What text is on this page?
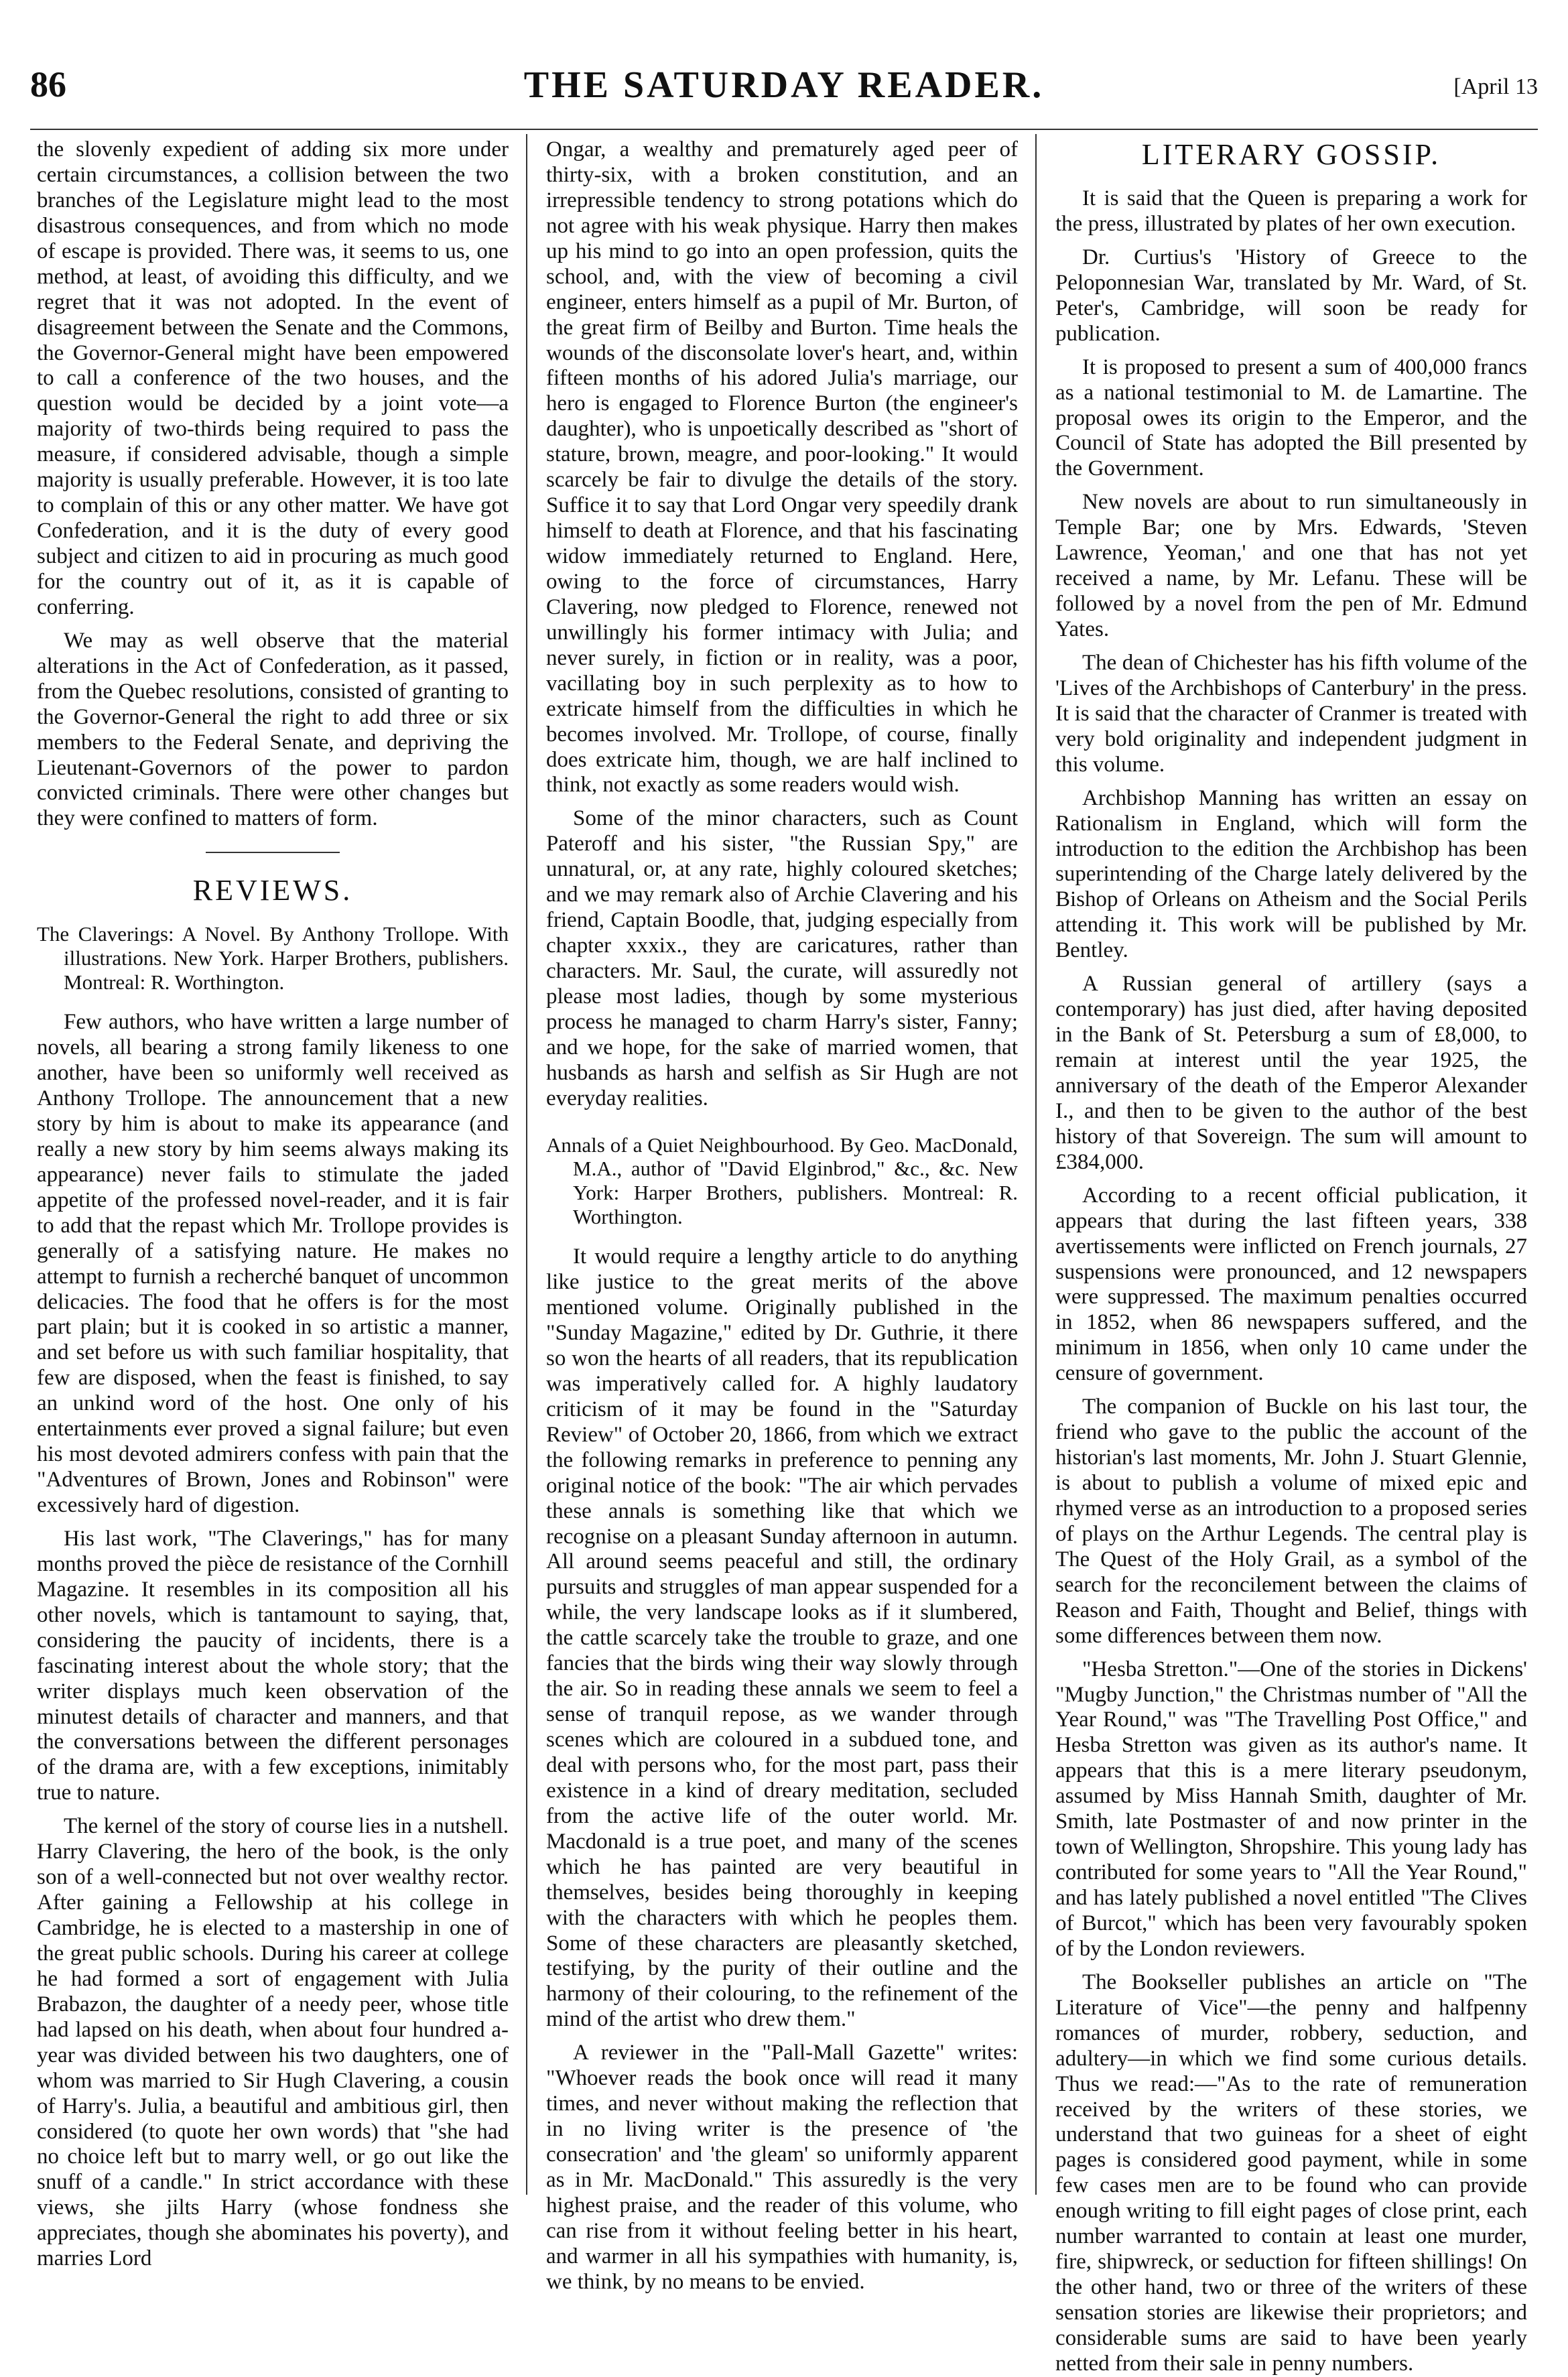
86	THE SATURDAY READER.	[April 13

the slovenly expedient of adding six more under certain circumstances, a collision between the two branches of the Legislature might lead to the most disastrous consequences, and from which no mode of escape is provided. There was, it seems to us, one method, at least, of avoiding this difficulty, and we regret that it was not adopted. In the event of disagreement between the Senate and the Commons, the Governor-General might have been empowered to call a conference of the two houses, and the question would be decided by a joint vote—a majority of two-thirds being required to pass the measure, if considered advisable, though a simple majority is usually preferable. However, it is too late to complain of this or any other matter. We have got Confederation, and it is the duty of every good subject and citizen to aid in procuring as much good for the country out of it, as it is capable of conferring.

We may as well observe that the material alterations in the Act of Confederation, as it passed, from the Quebec resolutions, consisted of granting to the Governor-General the right to add three or six members to the Federal Senate, and depriving the Lieutenant-Governors of the power to pardon convicted criminals. There were other changes but they were confined to matters of form.

REVIEWS.
The Claverings: A Novel. By Anthony Trollope. With illustrations. New York. Harper Brothers, publishers. Montreal: R. Worthington.

Few authors, who have written a large number of novels, all bearing a strong family likeness to one another, have been so uniformly well received as Anthony Trollope. The announcement that a new story by him is about to make its appearance (and really a new story by him seems always making its appearance) never fails to stimulate the jaded appetite of the professed novel-reader, and it is fair to add that the repast which Mr. Trollope provides is generally of a satisfying nature. He makes no attempt to furnish a recherché banquet of uncommon delicacies. The food that he offers is for the most part plain; but it is cooked in so artistic a manner, and set before us with such familiar hospitality, that few are disposed, when the feast is finished, to say an unkind word of the host. One only of his entertainments ever proved a signal failure; but even his most devoted admirers confess with pain that the "Adventures of Brown, Jones and Robinson" were excessively hard of digestion.

His last work, "The Claverings," has for many months proved the pièce de resistance of the Cornhill Magazine. It resembles in its composition all his other novels, which is tantamount to saying, that, considering the paucity of incidents, there is a fascinating interest about the whole story; that the writer displays much keen observation of the minutest details of character and manners, and that the conversations between the different personages of the drama are, with a few exceptions, inimitably true to nature.

The kernel of the story of course lies in a nutshell. Harry Clavering, the hero of the book, is the only son of a well-connected but not over wealthy rector. After gaining a Fellowship at his college in Cambridge, he is elected to a mastership in one of the great public schools. During his career at college he had formed a sort of engagement with Julia Brabazon, the daughter of a needy peer, whose title had lapsed on his death, when about four hundred a-year was divided between his two daughters, one of whom was married to Sir Hugh Clavering, a cousin of Harry's. Julia, a beautiful and ambitious girl, then considered (to quote her own words) that "she had no choice left but to marry well, or go out like the snuff of a candle." In strict accordance with these views, she jilts Harry (whose fondness she appreciates, though she abominates his poverty), and marries Lord

Ongar, a wealthy and prematurely aged peer of thirty-six, with a broken constitution, and an irrepressible tendency to strong potations which do not agree with his weak physique. Harry then makes up his mind to go into an open profession, quits the school, and, with the view of becoming a civil engineer, enters himself as a pupil of Mr. Burton, of the great firm of Beilby and Burton. Time heals the wounds of the disconsolate lover's heart, and, within fifteen months of his adored Julia's marriage, our hero is engaged to Florence Burton (the engineer's daughter), who is unpoetically described as "short of stature, brown, meagre, and poor-looking." It would scarcely be fair to divulge the details of the story. Suffice it to say that Lord Ongar very speedily drank himself to death at Florence, and that his fascinating widow immediately returned to England. Here, owing to the force of circumstances, Harry Clavering, now pledged to Florence, renewed not unwillingly his former intimacy with Julia; and never surely, in fiction or in reality, was a poor, vacillating boy in such perplexity as to how to extricate himself from the difficulties in which he becomes involved. Mr. Trollope, of course, finally does extricate him, though, we are half inclined to think, not exactly as some readers would wish.

Some of the minor characters, such as Count Pateroff and his sister, "the Russian Spy," are unnatural, or, at any rate, highly coloured sketches; and we may remark also of Archie Clavering and his friend, Captain Boodle, that, judging especially from chapter xxxix., they are caricatures, rather than characters. Mr. Saul, the curate, will assuredly not please most ladies, though by some mysterious process he managed to charm Harry's sister, Fanny; and we hope, for the sake of married women, that husbands as harsh and selfish as Sir Hugh are not everyday realities.

Annals of a Quiet Neighbourhood. By Geo. MacDonald, M.A., author of "David Elginbrod," &c., &c. New York: Harper Brothers, publishers. Montreal: R. Worthington.

It would require a lengthy article to do anything like justice to the great merits of the above mentioned volume. Originally published in the "Sunday Magazine," edited by Dr. Guthrie, it there so won the hearts of all readers, that its republication was imperatively called for. A highly laudatory criticism of it may be found in the "Saturday Review" of October 20, 1866, from which we extract the following remarks in preference to penning any original notice of the book: "The air which pervades these annals is something like that which we recognise on a pleasant Sunday afternoon in autumn. All around seems peaceful and still, the ordinary pursuits and struggles of man appear suspended for a while, the very landscape looks as if it slumbered, the cattle scarcely take the trouble to graze, and one fancies that the birds wing their way slowly through the air. So in reading these annals we seem to feel a sense of tranquil repose, as we wander through scenes which are coloured in a subdued tone, and deal with persons who, for the most part, pass their existence in a kind of dreary meditation, secluded from the active life of the outer world. Mr. Macdonald is a true poet, and many of the scenes which he has painted are very beautiful in themselves, besides being thoroughly in keeping with the characters with which he peoples them. Some of these characters are pleasantly sketched, testifying, by the purity of their outline and the harmony of their colouring, to the refinement of the mind of the artist who drew them."

A reviewer in the "Pall-Mall Gazette" writes: "Whoever reads the book once will read it many times, and never without making the reflection that in no living writer is the presence of 'the consecration' and 'the gleam' so uniformly apparent as in Mr. MacDonald." This assuredly is the very highest praise, and the reader of this volume, who can rise from it without feeling better in his heart, and warmer in all his sympathies with humanity, is, we think, by no means to be envied.

LITERARY GOSSIP.

It is said that the Queen is preparing a work for the press, illustrated by plates of her own execution.

Dr. Curtius's 'History of Greece to the Peloponnesian War, translated by Mr. Ward, of St. Peter's, Cambridge, will soon be ready for publication.

It is proposed to present a sum of 400,000 francs as a national testimonial to M. de Lamartine. The proposal owes its origin to the Emperor, and the Council of State has adopted the Bill presented by the Government.

New novels are about to run simultaneously in Temple Bar; one by Mrs. Edwards, 'Steven Lawrence, Yeoman,' and one that has not yet received a name, by Mr. Lefanu. These will be followed by a novel from the pen of Mr. Edmund Yates.

The dean of Chichester has his fifth volume of the 'Lives of the Archbishops of Canterbury' in the press. It is said that the character of Cranmer is treated with very bold originality and independent judgment in this volume.

Archbishop Manning has written an essay on Rationalism in England, which will form the introduction to the edition the Archbishop has been superintending of the Charge lately delivered by the Bishop of Orleans on Atheism and the Social Perils attending it. This work will be published by Mr. Bentley.

A Russian general of artillery (says a contemporary) has just died, after having deposited in the Bank of St. Petersburg a sum of £8,000, to remain at interest until the year 1925, the anniversary of the death of the Emperor Alexander I., and then to be given to the author of the best history of that Sovereign. The sum will amount to £384,000.

According to a recent official publication, it appears that during the last fifteen years, 338 avertissements were inflicted on French journals, 27 suspensions were pronounced, and 12 newspapers were suppressed. The maximum penalties occurred in 1852, when 86 newspapers suffered, and the minimum in 1856, when only 10 came under the censure of government.

The companion of Buckle on his last tour, the friend who gave to the public the account of the historian's last moments, Mr. John J. Stuart Glennie, is about to publish a volume of mixed epic and rhymed verse as an introduction to a proposed series of plays on the Arthur Legends. The central play is The Quest of the Holy Grail, as a symbol of the search for the reconcilement between the claims of Reason and Faith, Thought and Belief, things with some differences between them now.

"Hesba Stretton."—One of the stories in Dickens' "Mugby Junction," the Christmas number of "All the Year Round," was "The Travelling Post Office," and Hesba Stretton was given as its author's name. It appears that this is a mere literary pseudonym, assumed by Miss Hannah Smith, daughter of Mr. Smith, late Postmaster of and now printer in the town of Wellington, Shropshire. This young lady has contributed for some years to "All the Year Round," and has lately published a novel entitled "The Clives of Burcot," which has been very favourably spoken of by the London reviewers.

The Bookseller publishes an article on "The Literature of Vice"—the penny and halfpenny romances of murder, robbery, seduction, and adultery—in which we find some curious details. Thus we read:—"As to the rate of remuneration received by the writers of these stories, we understand that two guineas for a sheet of eight pages is considered good payment, while in some few cases men are to be found who can provide enough writing to fill eight pages of close print, each number warranted to contain at least one murder, fire, shipwreck, or seduction for fifteen shillings! On the other hand, two or three of the writers of these sensation stories are likewise their proprietors; and considerable sums are said to have been yearly netted from their sale in penny numbers.
